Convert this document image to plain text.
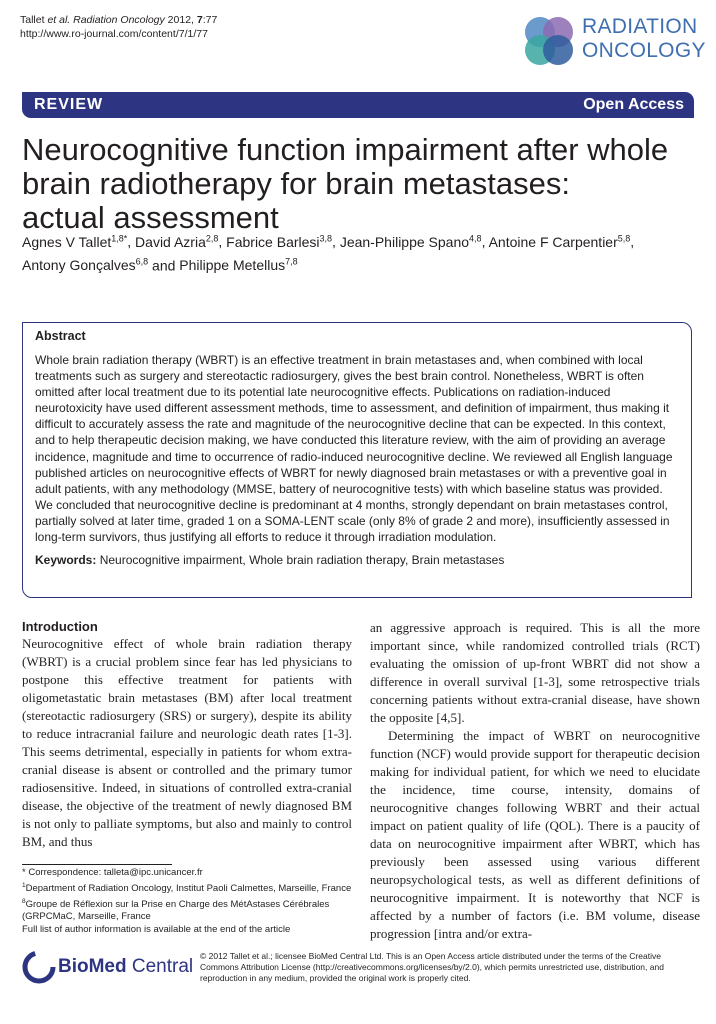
Tallet et al. Radiation Oncology 2012, 7:77
http://www.ro-journal.com/content/7/1/77	RADIATION
ONCOLOGY
REVIEW	Open Access
Neurocognitive function impairment after whole
brain radiotherapy for brain metastases:
actual assessment
Agnes V Tallet$^{1,8*}$, David Azria$^{2,8}$, Fabrice Barlesi$^{3,8}$, Jean-Philippe Spano$^{4,8}$, Antoine F Carpentier$^{5,8}$,
Antony Gonçalves$^{6,8}$ and Philippe Metellus$^{7,8}$
Abstract
Whole brain radiation therapy (WBRT) is an effective treatment in brain metastases and, when combined with local treatments such as surgery and stereotactic radiosurgery, gives the best brain control. Nonetheless, WBRT is often omitted after local treatment due to its potential late neurocognitive effects. Publications on radiation-induced neurotoxicity have used different assessment methods, time to assessment, and definition of impairment, thus making it difficult to accurately assess the rate and magnitude of the neurocognitive decline that can be expected. In this context, and to help therapeutic decision making, we have conducted this literature review, with the aim of providing an average incidence, magnitude and time to occurrence of radio-induced neurocognitive decline. We reviewed all English language published articles on neurocognitive effects of WBRT for newly diagnosed brain metastases or with a preventive goal in adult patients, with any methodology (MMSE, battery of neurocognitive tests) with which baseline status was provided. We concluded that neurocognitive decline is predominant at 4 months, strongly dependant on brain metastases control, partially solved at later time, graded 1 on a SOMA-LENT scale (only 8% of grade 2 and more), insufficiently assessed in long-term survivors, thus justifying all efforts to reduce it through irradiation modulation.
Keywords: Neurocognitive impairment, Whole brain radiation therapy, Brain metastases
Introduction

Neurocognitive effect of whole brain radiation therapy (WBRT) is a crucial problem since fear has led physicians to postpone this effective treatment for patients with oligometastatic brain metastases (BM) after local treatment (stereotactic radiosurgery (SRS) or surgery), despite its ability to reduce intracranial failure and neurologic death rates [1-3]. This seems detrimental, especially in patients for whom extra-cranial disease is absent or controlled and the primary tumor radiosensitive. Indeed, in situations of controlled extra-cranial disease, the objective of the treatment of newly diagnosed BM is not only to palliate symptoms, but also and mainly to control BM, and thus

an aggressive approach is required. This is all the more important since, while randomized controlled trials (RCT) evaluating the omission of up-front WBRT did not show a difference in overall survival [1-3], some retrospective trials concerning patients without extra-cranial disease, have shown the opposite [4,5].

Determining the impact of WBRT on neurocognitive function (NCF) would provide support for therapeutic decision making for individual patient, for which we need to elucidate the incidence, time course, intensity, domains of neurocognitive changes following WBRT and their actual impact on patient quality of life (QOL). There is a paucity of data on neurocognitive impairment after WBRT, which has previously been assessed using various different neuropsychological tests, as well as different definitions of neurocognitive impairment. It is noteworthy that NCF is affected by a number of factors (i.e. BM volume, disease progression [intra and/or extra-

* Correspondence: talleta@ipc.unicancer.fr
$^1$Department of Radiation Oncology, Institut Paoli Calmettes, Marseille, France
$^8$Groupe de Réflexion sur la Prise en Charge des MétAstases Cérébrales (GRPCMaC, Marseille, France
Full list of author information is available at the end of the article
BioMed Central © 2012 Tallet et al.; licensee BioMed Central Ltd. This is an Open Access article distributed under the terms of the Creative Commons Attribution License (http://creativecommons.org/licenses/by/2.0), which permits unrestricted use, distribution, and reproduction in any medium, provided the original work is properly cited.
